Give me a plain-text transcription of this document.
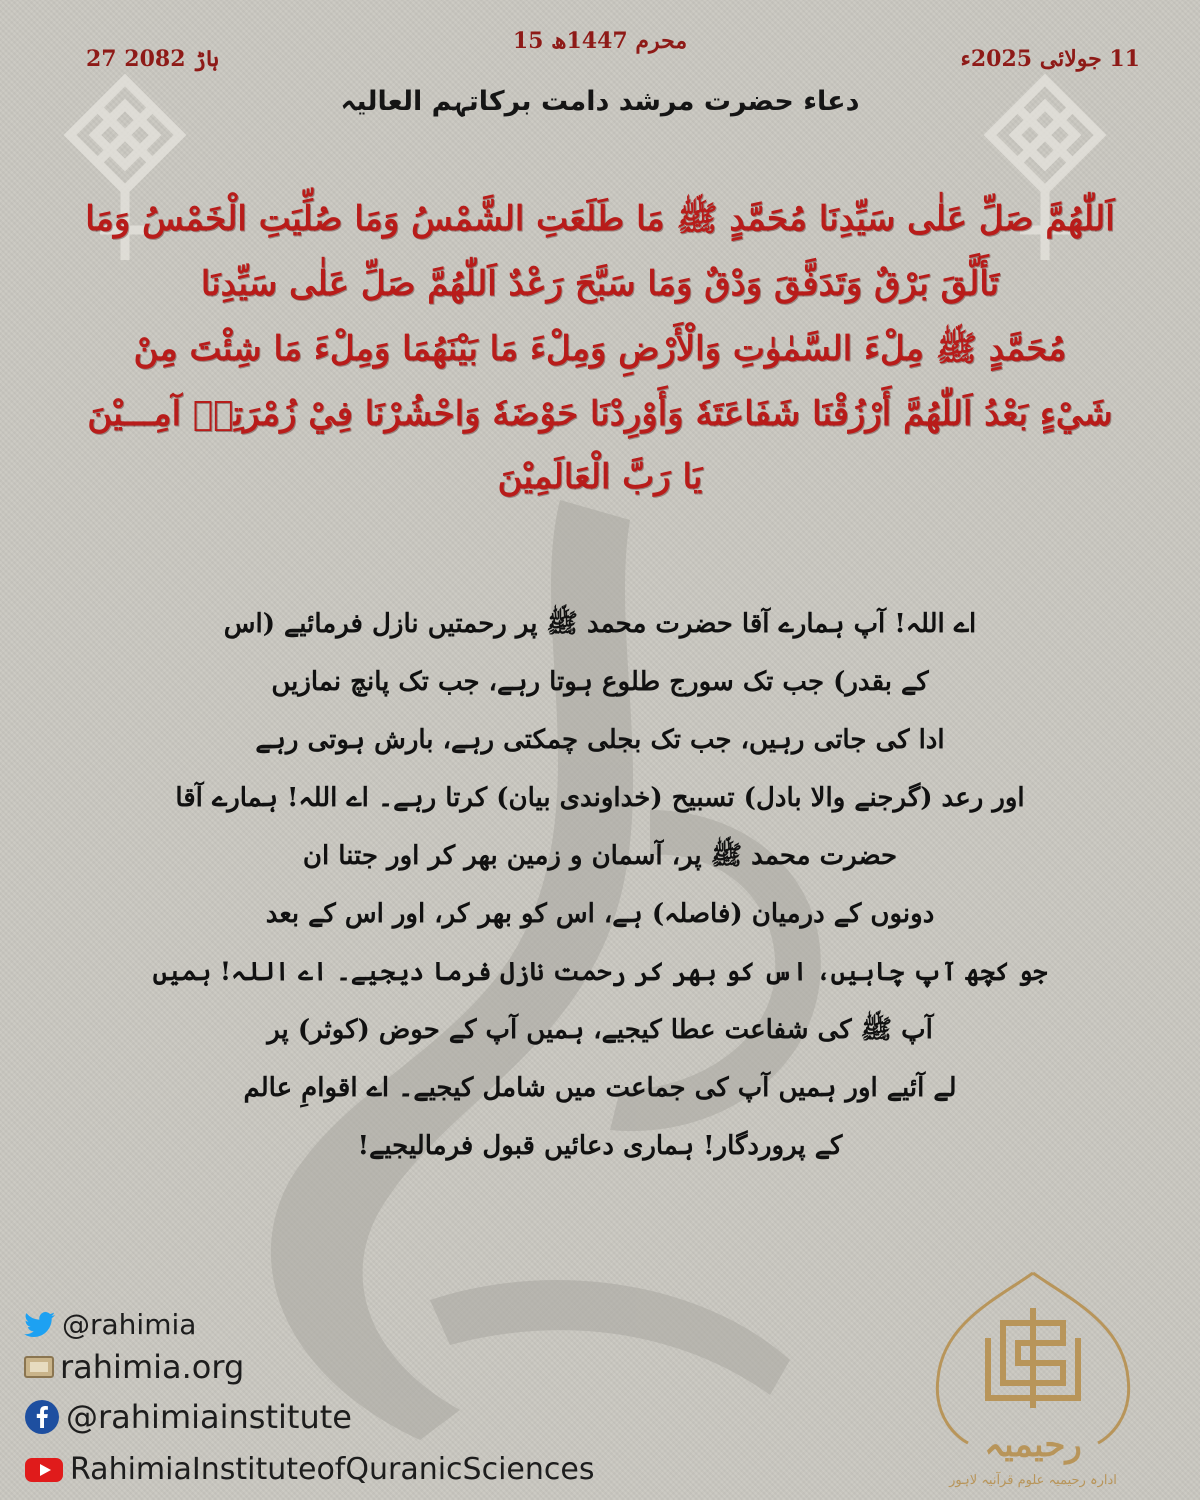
27 ہاڑ 2082
15 محرم 1447ھ
11 جولائی 2025ء
دعاء حضرت مرشد دامت برکاتہم العالیہ
اَللّٰهُمَّ صَلِّ عَلٰى سَيِّدِنَا مُحَمَّدٍ ﷺ مَا طَلَعَتِ الشَّمْسُ وَمَا صُلِّيَتِ الْخَمْسُ وَمَا
تَأَلَّقَ بَرْقٌ وَتَدَفَّقَ وَدْقٌ وَمَا سَبَّحَ رَعْدٌ اَللّٰهُمَّ صَلِّ عَلٰى سَيِّدِنَا
مُحَمَّدٍ ﷺ مِلْءَ السَّمٰوٰتِ وَالْأَرْضِ وَمِلْءَ مَا بَيْنَهُمَا وَمِلْءَ مَا شِئْتَ مِنْ
شَيْءٍ بَعْدُ اَللّٰهُمَّ أَرْزُقْنَا شَفَاعَتَهٗ وَأَوْرِدْنَا حَوْضَهٗ وَاحْشُرْنَا فِيْ زُمْرَتِهٖ آمِـــيْنَ
يَا رَبَّ الْعَالَمِيْنَ
اے اللہ! آپ ہمارے آقا حضرت محمد ﷺ پر رحمتیں نازل فرمائیے (اس
کے بقدر) جب تک سورج طلوع ہوتا رہے، جب تک پانچ نمازیں
ادا کی جاتی رہیں، جب تک بجلی چمکتی رہے، بارش ہوتی رہے
اور رعد (گرجنے والا بادل) تسبیح (خداوندی بیان) کرتا رہے۔ اے اللہ! ہمارے آقا
حضرت محمد ﷺ پر، آسمان و زمین بھر کر اور جتنا ان
دونوں کے درمیان (فاصلہ) ہے، اس کو بھر کر، اور اس کے بعد
جو کچھ آپ چاہیں، اس کو بھر کر رحمت نازل فرما دیجیے۔ اے اللہ! ہمیں
آپ ﷺ کی شفاعت عطا کیجیے، ہمیں آپ کے حوض (کوثر) پر
لے آئیے اور ہمیں آپ کی جماعت میں شامل کیجیے۔ اے اقوامِ عالم
کے پروردگار! ہماری دعائیں قبول فرمالیجیے!
@rahimia
rahimia.org
@rahimiainstitute
RahimiaInstituteofQuranicSciences
رحیمیہ
ادارہ رحیمیہ علوم قرآنیہ لاہور
